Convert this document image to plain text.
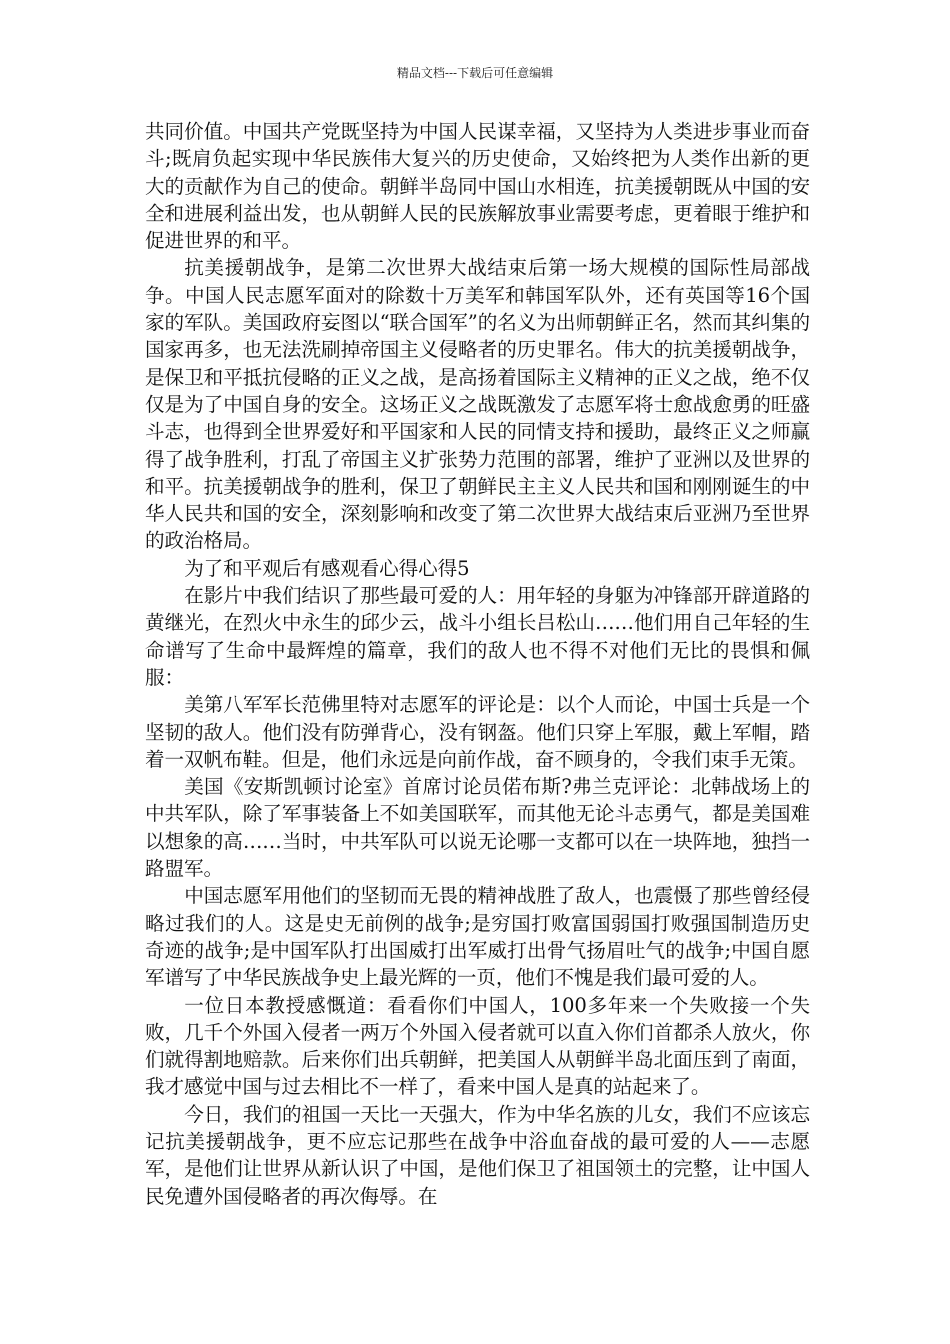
精品文档---下载后可任意编辑

共同价值。中国共产党既坚持为中国人民谋幸福，又坚持为人类进步事业而奋斗;既肩负起实现中华民族伟大复兴的历史使命，又始终把为人类作出新的更大的贡献作为自己的使命。朝鲜半岛同中国山水相连，抗美援朝既从中国的安全和进展利益出发，也从朝鲜人民的民族解放事业需要考虑，更着眼于维护和促进世界的和平。

抗美援朝战争，是第二次世界大战结束后第一场大规模的国际性局部战争。中国人民志愿军面对的除数十万美军和韩国军队外，还有英国等16个国家的军队。美国政府妄图以“联合国军”的名义为出师朝鲜正名，然而其纠集的国家再多，也无法洗刷掉帝国主义侵略者的历史罪名。伟大的抗美援朝战争，是保卫和平抵抗侵略的正义之战，是高扬着国际主义精神的正义之战，绝不仅仅是为了中国自身的安全。这场正义之战既激发了志愿军将士愈战愈勇的旺盛斗志，也得到全世界爱好和平国家和人民的同情支持和援助，最终正义之师赢得了战争胜利，打乱了帝国主义扩张势力范围的部署，维护了亚洲以及世界的和平。抗美援朝战争的胜利，保卫了朝鲜民主主义人民共和国和刚刚诞生的中华人民共和国的安全，深刻影响和改变了第二次世界大战结束后亚洲乃至世界的政治格局。

为了和平观后有感观看心得心得5

在影片中我们结识了那些最可爱的人：用年轻的身躯为冲锋部开辟道路的黄继光，在烈火中永生的邱少云，战斗小组长吕松山……他们用自己年轻的生命谱写了生命中最辉煌的篇章，我们的敌人也不得不对他们无比的畏惧和佩服：

美第八军军长范佛里特对志愿军的评论是：以个人而论，中国士兵是一个坚韧的敌人。他们没有防弹背心，没有钢盔。他们只穿上军服，戴上军帽，踏着一双帆布鞋。但是，他们永远是向前作战，奋不顾身的，令我们束手无策。

美国《安斯凯顿讨论室》首席讨论员偌布斯?弗兰克评论：北韩战场上的中共军队，除了军事装备上不如美国联军，而其他无论斗志勇气，都是美国难以想象的高……当时，中共军队可以说无论哪一支都可以在一块阵地，独挡一路盟军。

中国志愿军用他们的坚韧而无畏的精神战胜了敌人，也震慑了那些曾经侵略过我们的人。这是史无前例的战争;是穷国打败富国弱国打败强国制造历史奇迹的战争;是中国军队打出国威打出军威打出骨气扬眉吐气的战争;中国自愿军谱写了中华民族战争史上最光辉的一页，他们不愧是我们最可爱的人。

一位日本教授感慨道：看看你们中国人，100多年来一个失败接一个失败，几千个外国入侵者一两万个外国入侵者就可以直入你们首都杀人放火，你们就得割地赔款。后来你们出兵朝鲜，把美国人从朝鲜半岛北面压到了南面，我才感觉中国与过去相比不一样了，看来中国人是真的站起来了。

今日，我们的祖国一天比一天强大，作为中华名族的儿女，我们不应该忘记抗美援朝战争，更不应忘记那些在战争中浴血奋战的最可爱的人——志愿军，是他们让世界从新认识了中国，是他们保卫了祖国领土的完整，让中国人民免遭外国侵略者的再次侮辱。在
